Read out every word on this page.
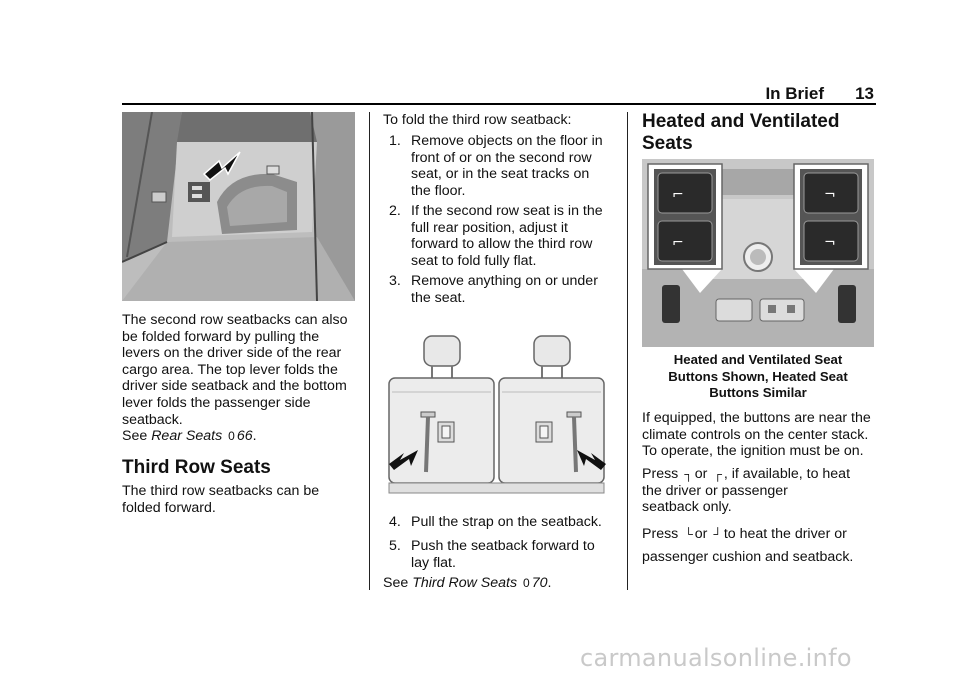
In Brief 13
The second row seatbacks can also
be folded forward by pulling the
levers on the driver side of the rear
cargo area. The top lever folds the
driver side seatback and the bottom
lever folds the passenger side
seatback.
See Rear Seats 0 66.
Third Row Seats
The third row seatbacks can be
folded forward.
To fold the third row seatback:
1. Remove objects on the floor in
front of or on the second row
seat, or in the seat tracks on
the floor.
2. If the second row seat is in the
full rear position, adjust it
forward to allow the third row
seat to fold fully flat.
3. Remove anything on or under
the seat.
4. Pull the strap on the seatback.
5. Push the seatback forward to
lay flat.
See Third Row Seats 0 70.
Heated and Ventilated
Seats
⌐
⌐
¬
¬
Heated and Ventilated Seat
Buttons Shown, Heated Seat
Buttons Similar
If equipped, the buttons are near the
climate controls on the center stack.
To operate, the ignition must be on.
Press ┐ or ┌ , if available, to heat
the driver or passenger
seatback only.
Press └ or ┘ to heat the driver or
passenger cushion and seatback.
carmanualsonline.info
